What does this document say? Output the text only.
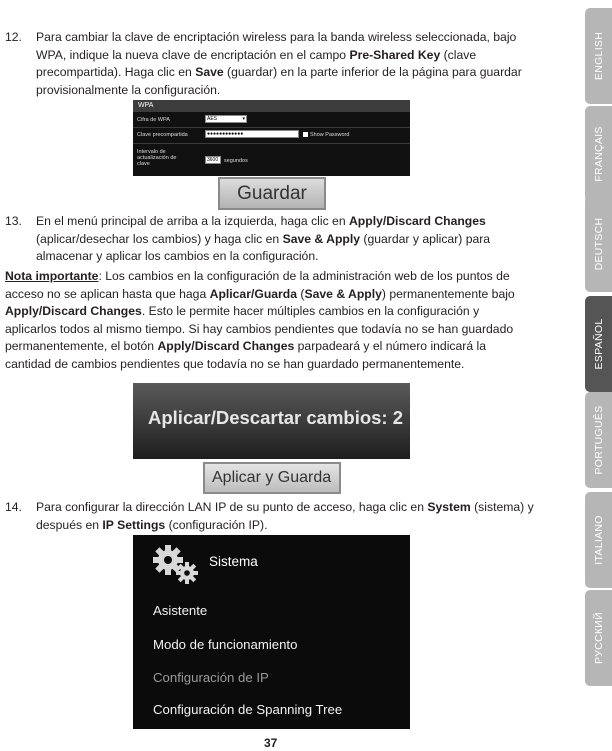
12. Para cambiar la clave de encriptación wireless para la banda wireless seleccionada, bajo
WPA, indique la nueva clave de encriptación en el campo Pre-Shared Key (clave
precompartida). Haga clic en Save (guardar) en la parte inferior de la página para guardar
provisionalmente la configuración.
WPA
Cifra de WPA	AES	▾
Clave precompartida	●●●●●●●●●●●●	Show Password
Intervalo de
actualización de
clave
3600	segundos
Guardar
13. En el menú principal de arriba a la izquierda, haga clic en Apply/Discard Changes
(aplicar/desechar los cambios) y haga clic en Save & Apply (guardar y aplicar) para
almacenar y aplicar los cambios en la configuración.
Nota importante: Los cambios en la configuración de la administración web de los puntos de
acceso no se aplican hasta que haga Aplicar/Guarda (Save & Apply) permanentemente bajo
Apply/Discard Changes. Esto le permite hacer múltiples cambios en la configuración y
aplicarlos todos al mismo tiempo. Si hay cambios pendientes que todavía no se han guardado
permanentemente, el botón Apply/Discard Changes parpadeará y el número indicará la
cantidad de cambios pendientes que todavía no se han guardado permanentemente.
Aplicar/Descartar cambios: 2
Aplicar y Guarda
14. Para configurar la dirección LAN IP de su punto de acceso, haga clic en System (sistema) y
después en IP Settings (configuración IP).
Sistema
Asistente
Modo de funcionamiento
Configuración de IP
Configuración de Spanning Tree
ENGLISH
FRANÇAIS
DEUTSCH
ESPAÑOL
PORTUGUÊS
ITALIANO
РУССКИЙ
37
